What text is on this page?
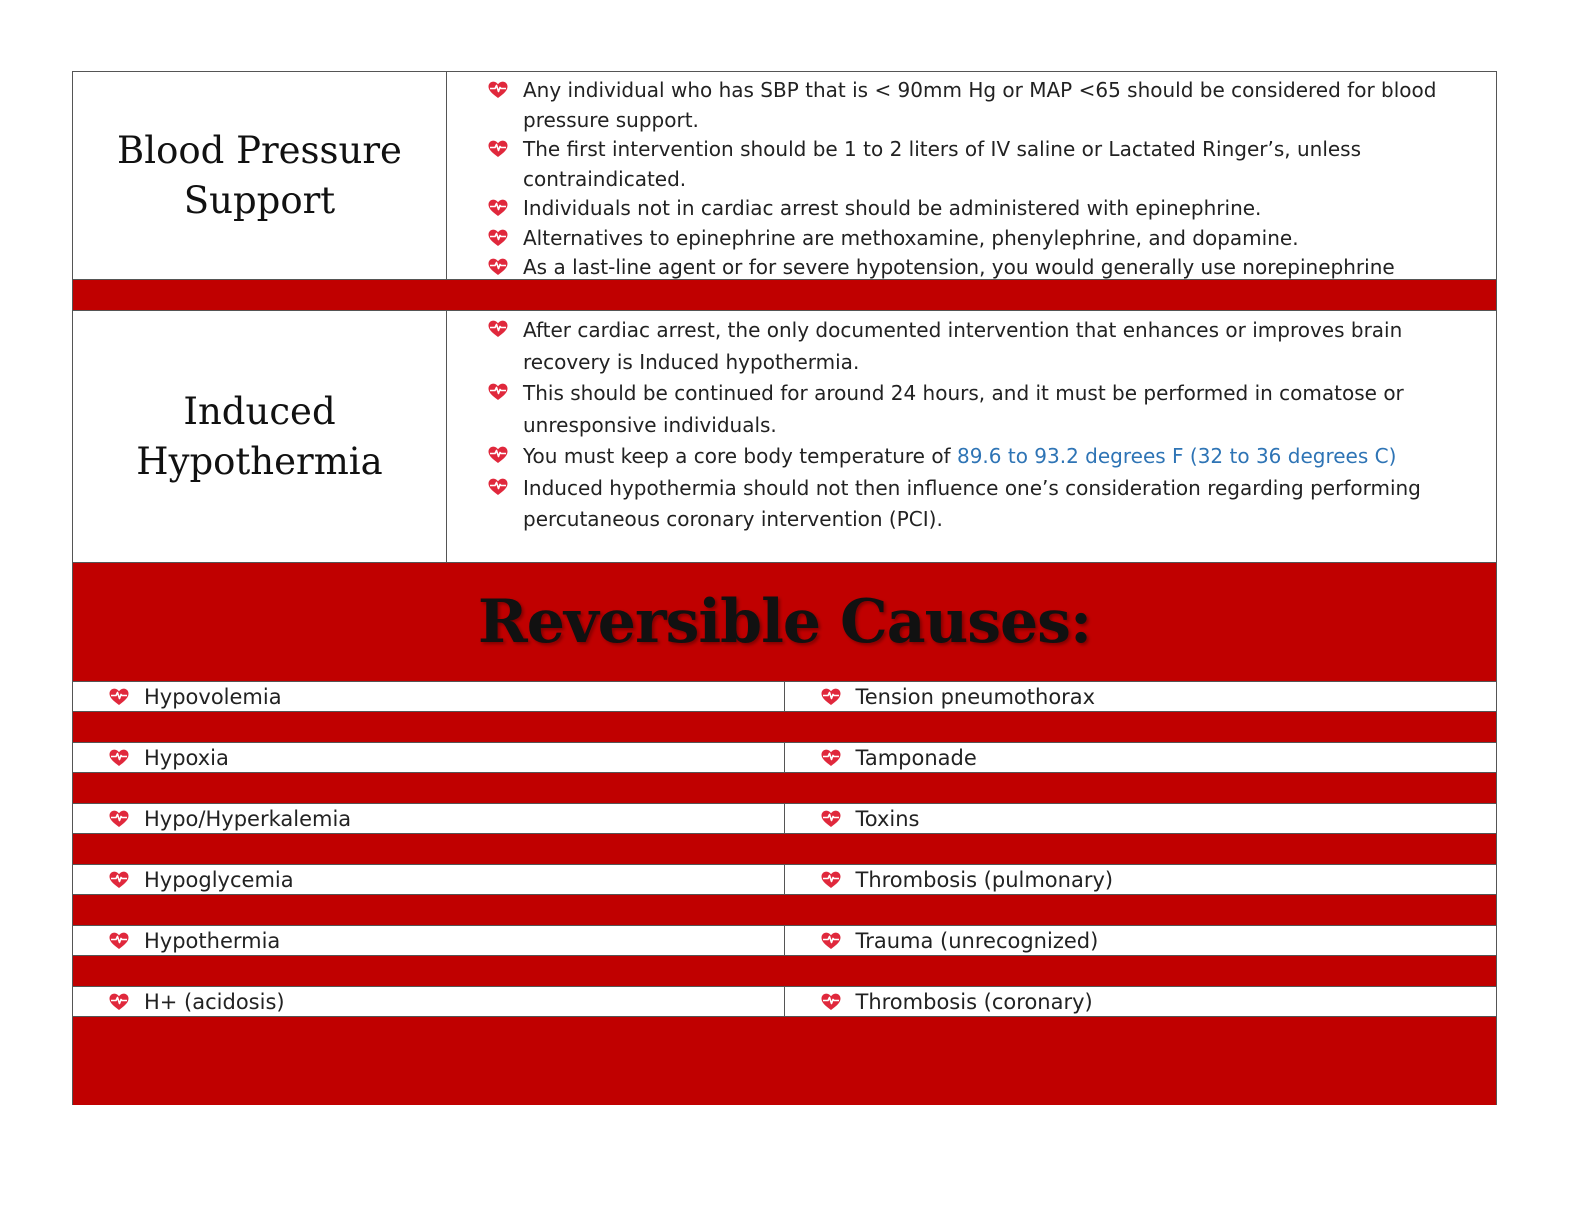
Blood Pressure Support
Any individual who has SBP that is < 90mm Hg or MAP <65 should be considered for blood pressure support.
The first intervention should be 1 to 2 liters of IV saline or Lactated Ringer’s, unless contraindicated.
Individuals not in cardiac arrest should be administered with epinephrine.
Alternatives to epinephrine are methoxamine, phenylephrine, and dopamine.
As a last-line agent or for severe hypotension, you would generally use norepinephrine
Induced Hypothermia
After cardiac arrest, the only documented intervention that enhances or improves brain recovery is Induced hypothermia.
This should be continued for around 24 hours, and it must be performed in comatose or unresponsive individuals.
You must keep a core body temperature of 89.6 to 93.2 degrees F (32 to 36 degrees C)
Induced hypothermia should not then influence one’s consideration regarding performing percutaneous coronary intervention (PCI).
Reversible Causes:
Hypovolemia	Tension pneumothorax
Hypoxia	Tamponade
Hypo/Hyperkalemia	Toxins
Hypoglycemia	Thrombosis (pulmonary)
Hypothermia	Trauma (unrecognized)
H+ (acidosis)	Thrombosis (coronary)
